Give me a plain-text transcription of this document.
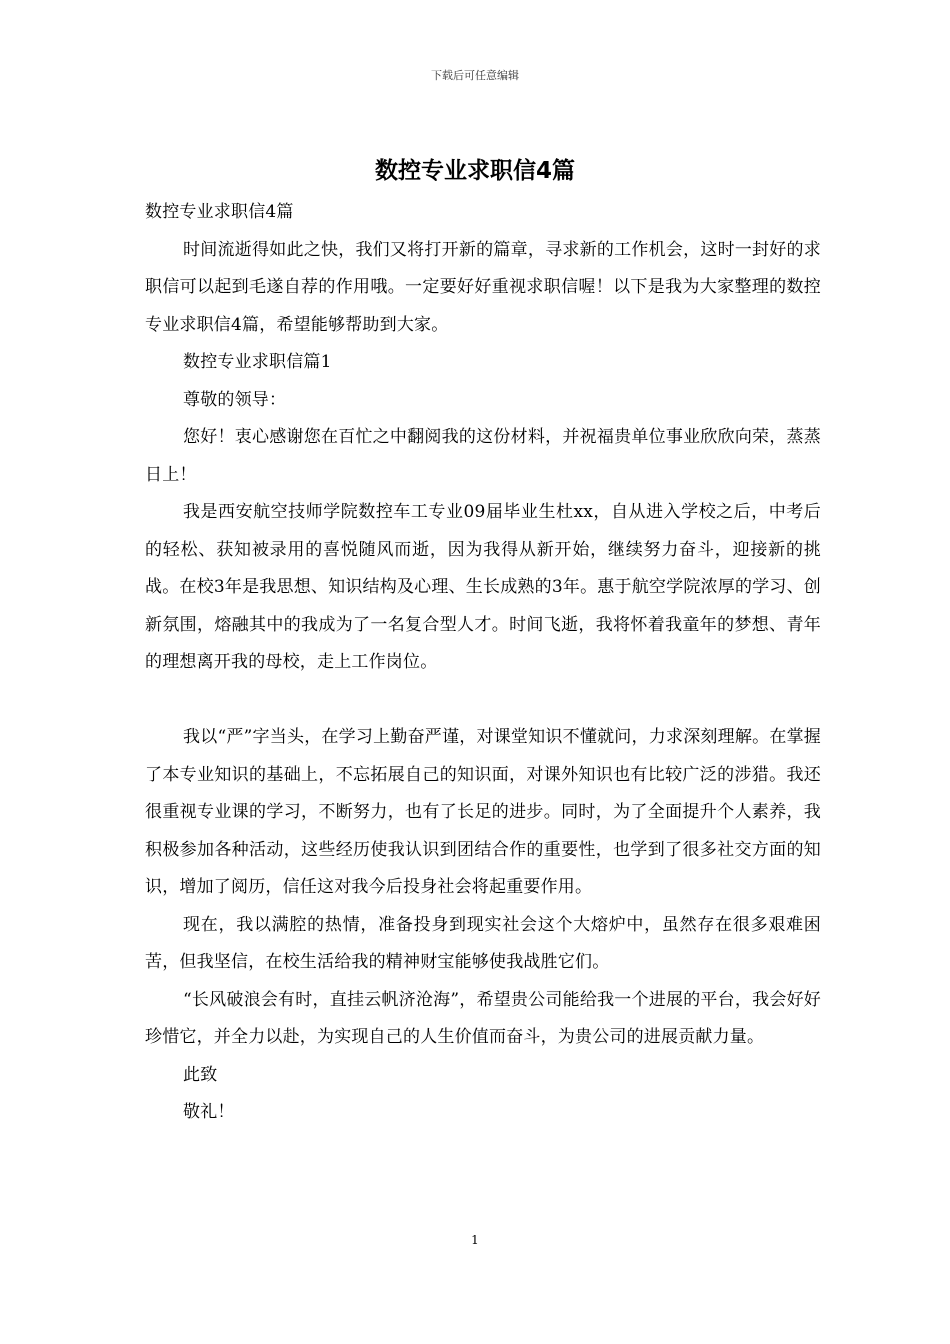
下载后可任意编辑
数控专业求职信4篇

数控专业求职信4篇

时间流逝得如此之快，我们又将打开新的篇章，寻求新的工作机会，这时一封好的求职信可以起到毛遂自荐的作用哦。一定要好好重视求职信喔！以下是我为大家整理的数控专业求职信4篇，希望能够帮助到大家。

数控专业求职信篇1

尊敬的领导：

您好！衷心感谢您在百忙之中翻阅我的这份材料，并祝福贵单位事业欣欣向荣，蒸蒸日上！

我是西安航空技师学院数控车工专业09届毕业生杜xx，自从进入学校之后，中考后的轻松、获知被录用的喜悦随风而逝，因为我得从新开始，继续努力奋斗，迎接新的挑战。在校3年是我思想、知识结构及心理、生长成熟的3年。惠于航空学院浓厚的学习、创新氛围，熔融其中的我成为了一名复合型人才。时间飞逝，我将怀着我童年的梦想、青年的理想离开我的母校，走上工作岗位。

我以“严”字当头，在学习上勤奋严谨，对课堂知识不懂就问，力求深刻理解。在掌握了本专业知识的基础上，不忘拓展自己的知识面，对课外知识也有比较广泛的涉猎。我还很重视专业课的学习，不断努力，也有了长足的进步。同时，为了全面提升个人素养，我积极参加各种活动，这些经历使我认识到团结合作的重要性，也学到了很多社交方面的知识，增加了阅历，信任这对我今后投身社会将起重要作用。

现在，我以满腔的热情，准备投身到现实社会这个大熔炉中，虽然存在很多艰难困苦，但我坚信，在校生活给我的精神财宝能够使我战胜它们。

“长风破浪会有时，直挂云帆济沧海”，希望贵公司能给我一个进展的平台，我会好好珍惜它，并全力以赴，为实现自己的人生价值而奋斗，为贵公司的进展贡献力量。

此致

敬礼！

1
